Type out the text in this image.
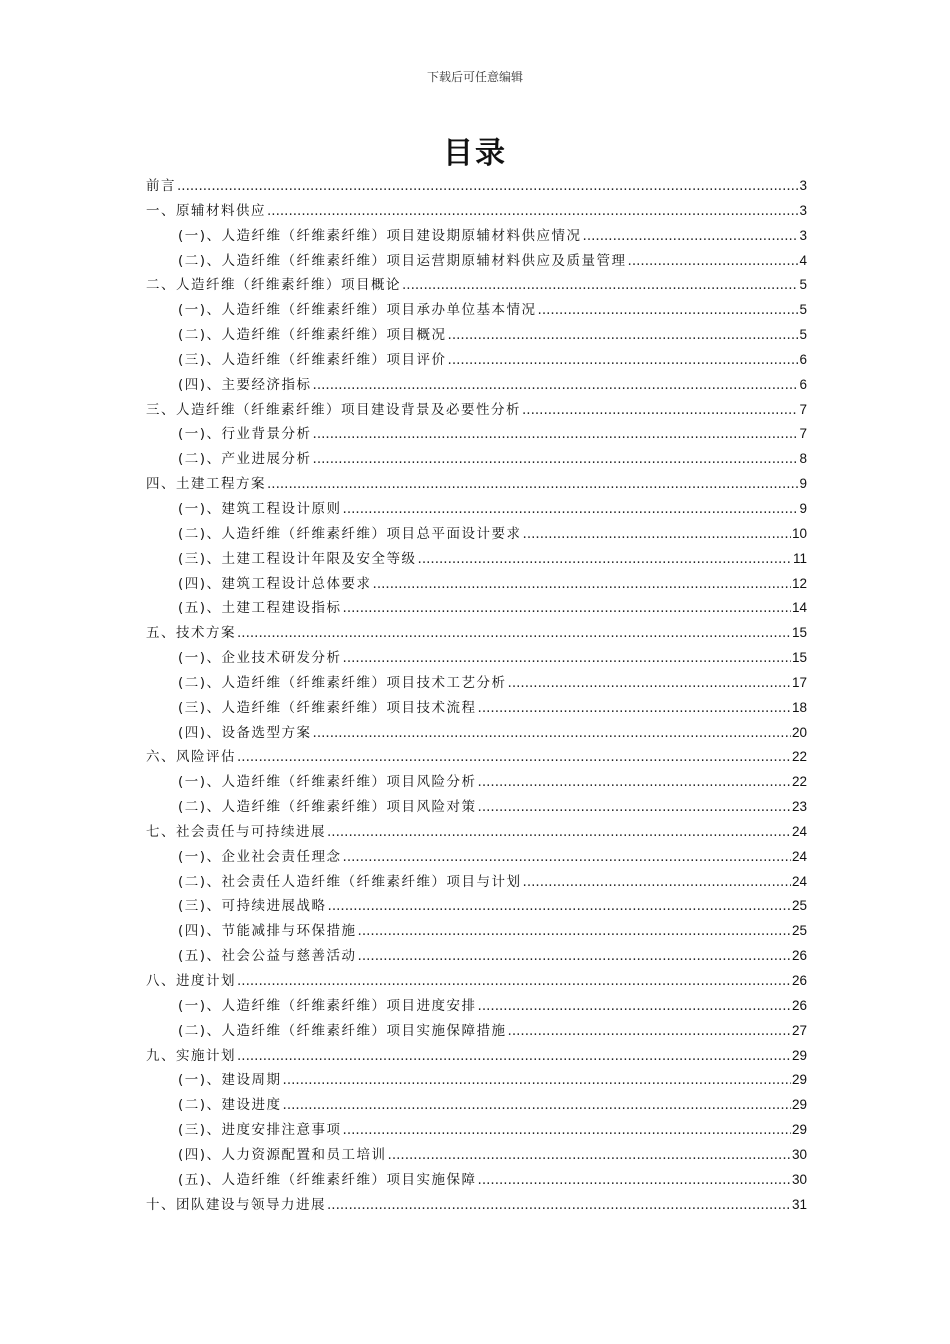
下载后可任意编辑
目录
前言 .....	3
一、原辅材料供应 .....	3
(一)、人造纤维（纤维素纤维）项目建设期原辅材料供应情况 .....	3
(二)、人造纤维（纤维素纤维）项目运营期原辅材料供应及质量管理 .....	4
二、人造纤维（纤维素纤维）项目概论 .....	5
(一)、人造纤维（纤维素纤维）项目承办单位基本情况 .....	5
(二)、人造纤维（纤维素纤维）项目概况 .....	5
(三)、人造纤维（纤维素纤维）项目评价 .....	6
(四)、主要经济指标 .....	6
三、人造纤维（纤维素纤维）项目建设背景及必要性分析 .....	7
(一)、行业背景分析 .....	7
(二)、产业进展分析 .....	8
四、土建工程方案 .....	9
(一)、建筑工程设计原则 .....	9
(二)、人造纤维（纤维素纤维）项目总平面设计要求 .....	10
(三)、土建工程设计年限及安全等级 .....	11
(四)、建筑工程设计总体要求 .....	12
(五)、土建工程建设指标 .....	14
五、技术方案 .....	15
(一)、企业技术研发分析 .....	15
(二)、人造纤维（纤维素纤维）项目技术工艺分析 .....	17
(三)、人造纤维（纤维素纤维）项目技术流程 .....	18
(四)、设备选型方案 .....	20
六、风险评估 .....	22
(一)、人造纤维（纤维素纤维）项目风险分析 .....	22
(二)、人造纤维（纤维素纤维）项目风险对策 .....	23
七、社会责任与可持续进展 .....	24
(一)、企业社会责任理念 .....	24
(二)、社会责任人造纤维（纤维素纤维）项目与计划 .....	24
(三)、可持续进展战略 .....	25
(四)、节能减排与环保措施 .....	25
(五)、社会公益与慈善活动 .....	26
八、进度计划 .....	26
(一)、人造纤维（纤维素纤维）项目进度安排 .....	26
(二)、人造纤维（纤维素纤维）项目实施保障措施 .....	27
九、实施计划 .....	29
(一)、建设周期 .....	29
(二)、建设进度 .....	29
(三)、进度安排注意事项 .....	29
(四)、人力资源配置和员工培训 .....	30
(五)、人造纤维（纤维素纤维）项目实施保障 .....	30
十、团队建设与领导力进展 .....	31
